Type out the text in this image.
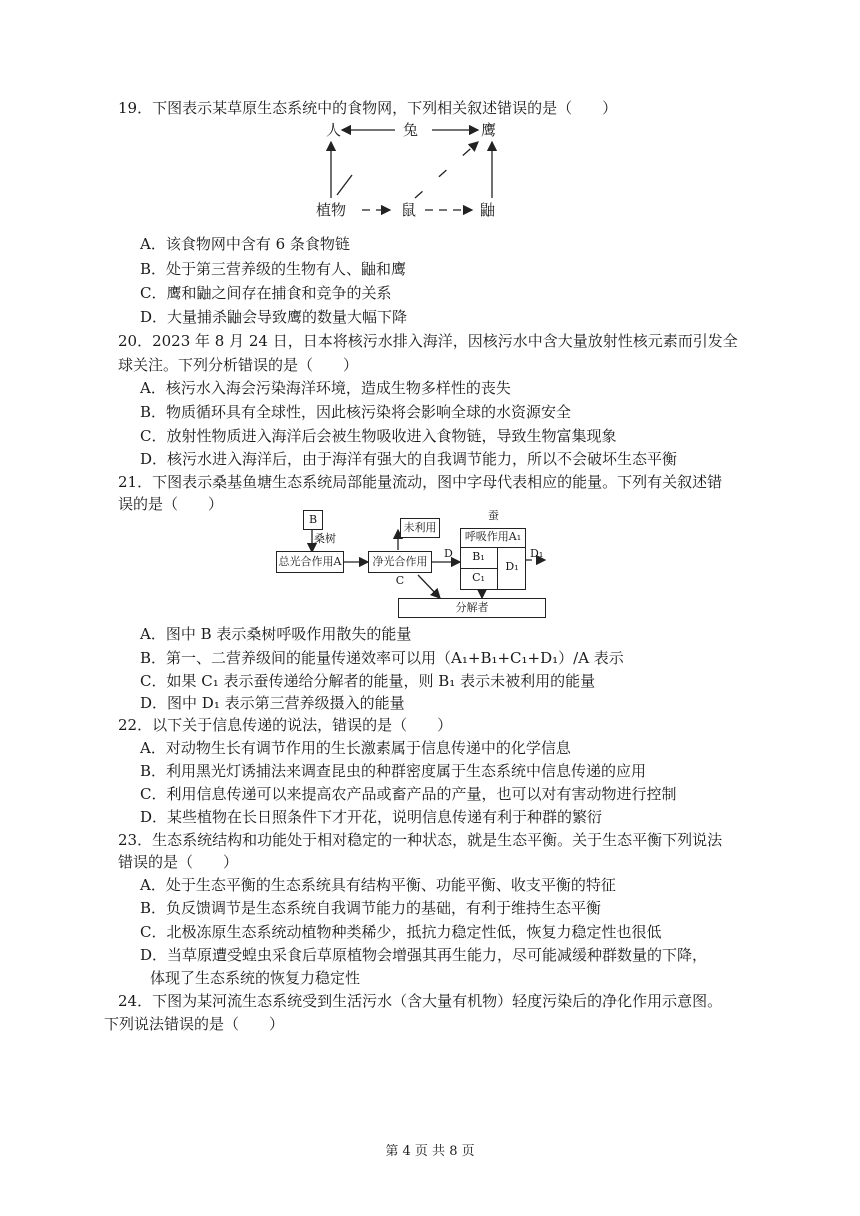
19．下图表示某草原生态系统中的食物网，下列相关叙述错误的是（　　）
人	兔	鹰
植物	鼠	鼬
A．该食物网中含有 6 条食物链
B．处于第三营养级的生物有人、鼬和鹰
C．鹰和鼬之间存在捕食和竞争的关系
D．大量捕杀鼬会导致鹰的数量大幅下降
20．2023 年 8 月 24 日，日本将核污水排入海洋，因核污水中含大量放射性核元素而引发全
球关注。下列分析错误的是（　　）
A．核污水入海会污染海洋环境，造成生物多样性的丧失
B．物质循环具有全球性，因此核污染将会影响全球的水资源安全
C．放射性物质进入海洋后会被生物吸收进入食物链，导致生物富集现象
D．核污水进入海洋后，由于海洋有强大的自我调节能力，所以不会破坏生态平衡
21．下图表示桑基鱼塘生态系统局部能量流动，图中字母代表相应的能量。下列有关叙述错
误的是（　　）
B
桑树
总光合作用A	净光合作用C
未利用
蚕
D
呼吸作用A₁
B₁
C₁
D₁
D₁
分解者
A．图中 B 表示桑树呼吸作用散失的能量
B．第一、二营养级间的能量传递效率可以用（A₁+B₁+C₁+D₁）/A 表示
C．如果 C₁ 表示蚕传递给分解者的能量，则 B₁ 表示未被利用的能量
D．图中 D₁ 表示第三营养级摄入的能量
22．以下关于信息传递的说法，错误的是（　　）
A．对动物生长有调节作用的生长激素属于信息传递中的化学信息
B．利用黑光灯诱捕法来调查昆虫的种群密度属于生态系统中信息传递的应用
C．利用信息传递可以来提高农产品或畜产品的产量，也可以对有害动物进行控制
D．某些植物在长日照条件下才开花，说明信息传递有利于种群的繁衍
23．生态系统结构和功能处于相对稳定的一种状态，就是生态平衡。关于生态平衡下列说法
错误的是（　　）
A．处于生态平衡的生态系统具有结构平衡、功能平衡、收支平衡的特征
B．负反馈调节是生态系统自我调节能力的基础，有利于维持生态平衡
C．北极冻原生态系统动植物种类稀少，抵抗力稳定性低，恢复力稳定性也很低
D．当草原遭受蝗虫采食后草原植物会增强其再生能力，尽可能减缓种群数量的下降，
体现了生态系统的恢复力稳定性
24．下图为某河流生态系统受到生活污水（含大量有机物）轻度污染后的净化作用示意图。
下列说法错误的是（　　）
第 4 页 共 8 页
